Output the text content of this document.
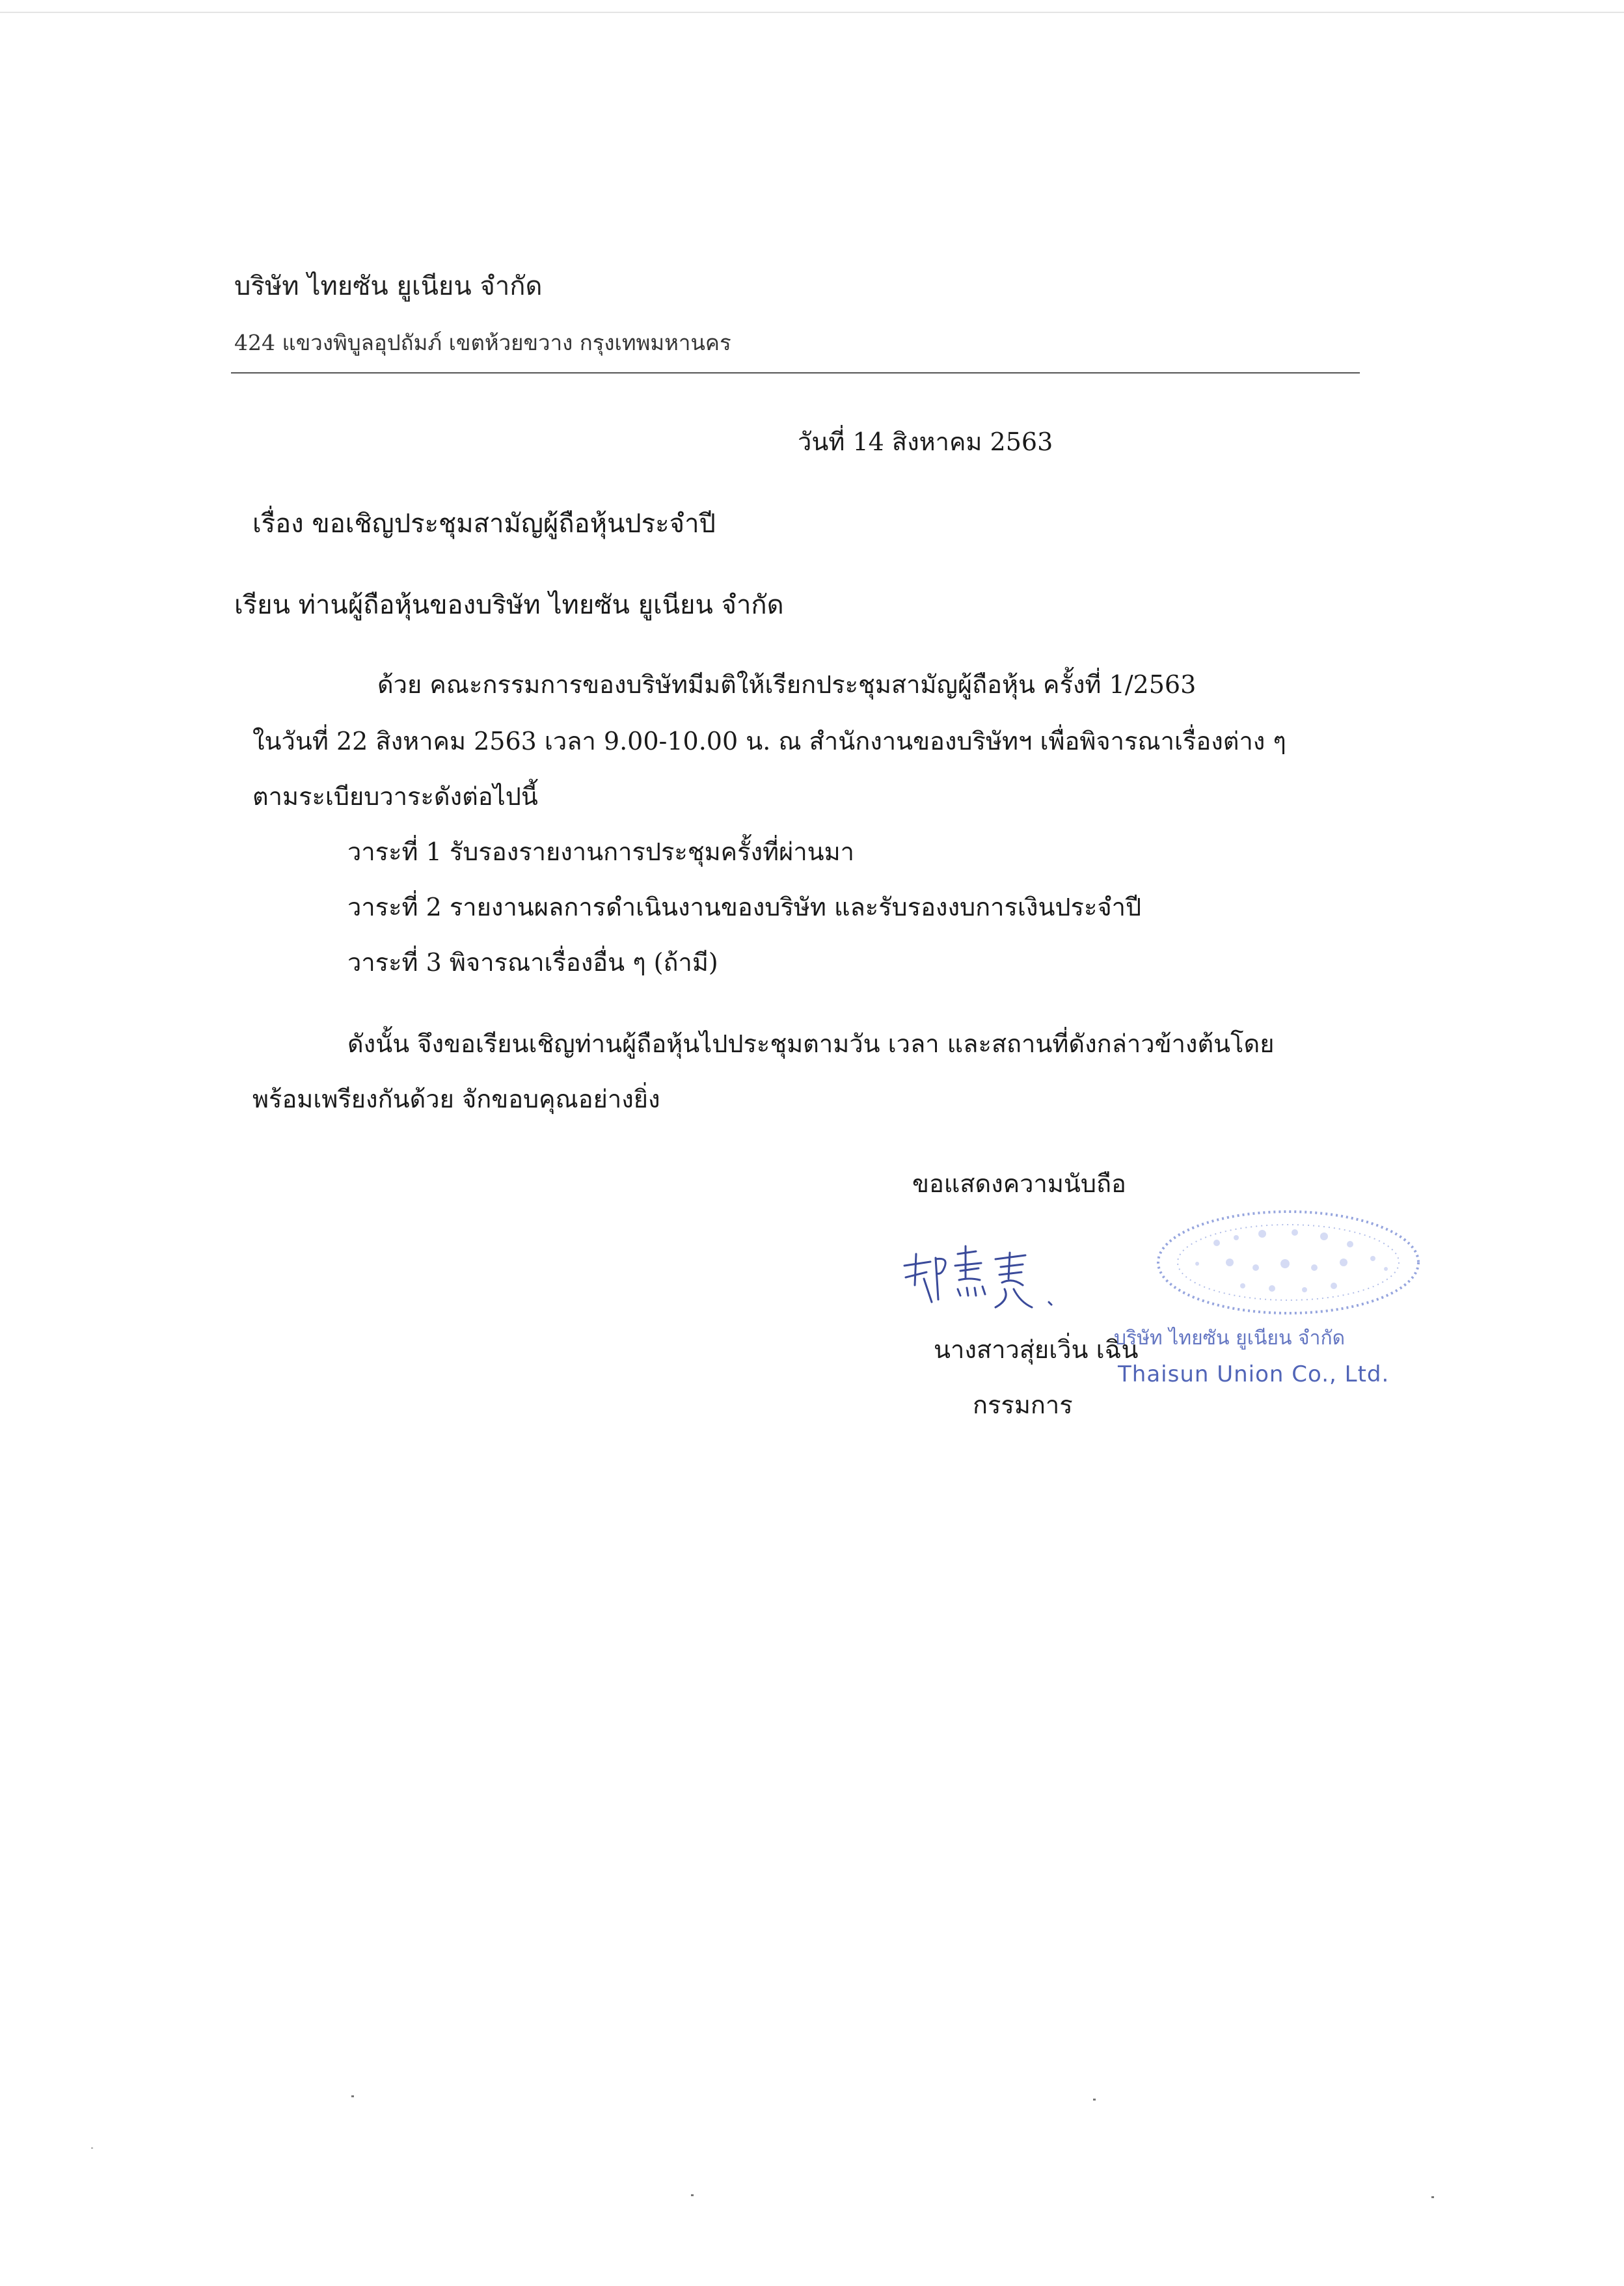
บริษัท ไทยซัน ยูเนียน จำกัด
424 แขวงพิบูลอุปถัมภ์ เขตห้วยขวาง กรุงเทพมหานคร
วันที่ 14 สิงหาคม 2563
เรื่อง ขอเชิญประชุมสามัญผู้ถือหุ้นประจำปี
เรียน ท่านผู้ถือหุ้นของบริษัท ไทยซัน ยูเนียน จำกัด
ด้วย คณะกรรมการของบริษัทมีมติให้เรียกประชุมสามัญผู้ถือหุ้น ครั้งที่ 1/2563
ในวันที่ 22 สิงหาคม 2563 เวลา 9.00-10.00 น. ณ สำนักงานของบริษัทฯ เพื่อพิจารณาเรื่องต่าง ๆ
ตามระเบียบวาระดังต่อไปนี้
วาระที่ 1 รับรองรายงานการประชุมครั้งที่ผ่านมา
วาระที่ 2 รายงานผลการดำเนินงานของบริษัท และรับรองงบการเงินประจำปี
วาระที่ 3 พิจารณาเรื่องอื่น ๆ (ถ้ามี)
ดังนั้น จึงขอเรียนเชิญท่านผู้ถือหุ้นไปประชุมตามวัน เวลา และสถานที่ดังกล่าวข้างต้นโดย
พร้อมเพรียงกันด้วย จักขอบคุณอย่างยิ่ง
ขอแสดงความนับถือ
บริษัท ไทยซัน ยูเนียน จำกัด
Thaisun Union Co., Ltd.
นางสาวสุ่ยเวิ่น เฉิน
กรรมการ
